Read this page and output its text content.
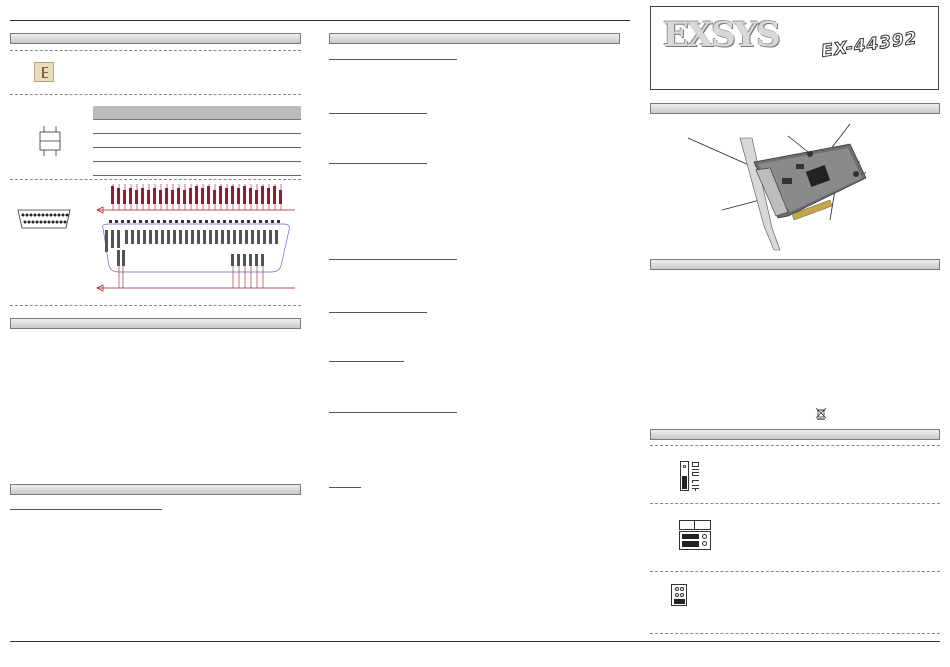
EXSYS EX-44392
